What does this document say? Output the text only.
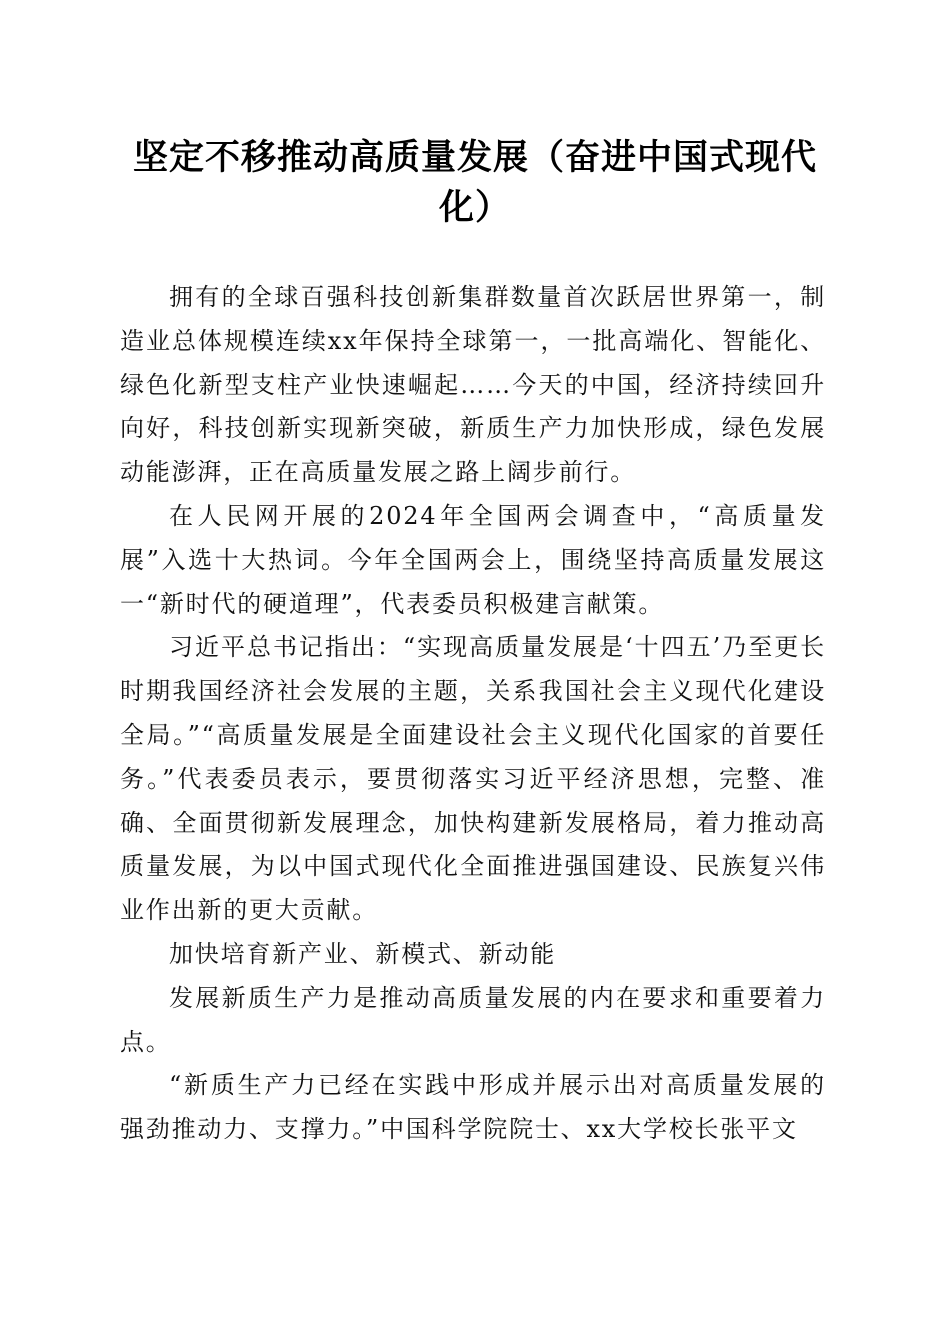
坚定不移推动高质量发展（奋进中国式现代化）

拥有的全球百强科技创新集群数量首次跃居世界第一，制造业总体规模连续xx年保持全球第一，一批高端化、智能化、绿色化新型支柱产业快速崛起……今天的中国，经济持续回升向好，科技创新实现新突破，新质生产力加快形成，绿色发展动能澎湃，正在高质量发展之路上阔步前行。

在人民网开展的2024年全国两会调查中，“高质量发展”入选十大热词。今年全国两会上，围绕坚持高质量发展这一“新时代的硬道理”，代表委员积极建言献策。

习近平总书记指出：“实现高质量发展是‘十四五’乃至更长时期我国经济社会发展的主题，关系我国社会主义现代化建设全局。”“高质量发展是全面建设社会主义现代化国家的首要任务。”代表委员表示，要贯彻落实习近平经济思想，完整、准确、全面贯彻新发展理念，加快构建新发展格局，着力推动高质量发展，为以中国式现代化全面推进强国建设、民族复兴伟业作出新的更大贡献。

加快培育新产业、新模式、新动能

发展新质生产力是推动高质量发展的内在要求和重要着力点。

“新质生产力已经在实践中形成并展示出对高质量发展的强劲推动力、支撑力。”中国科学院院士、xx大学校长张平文
